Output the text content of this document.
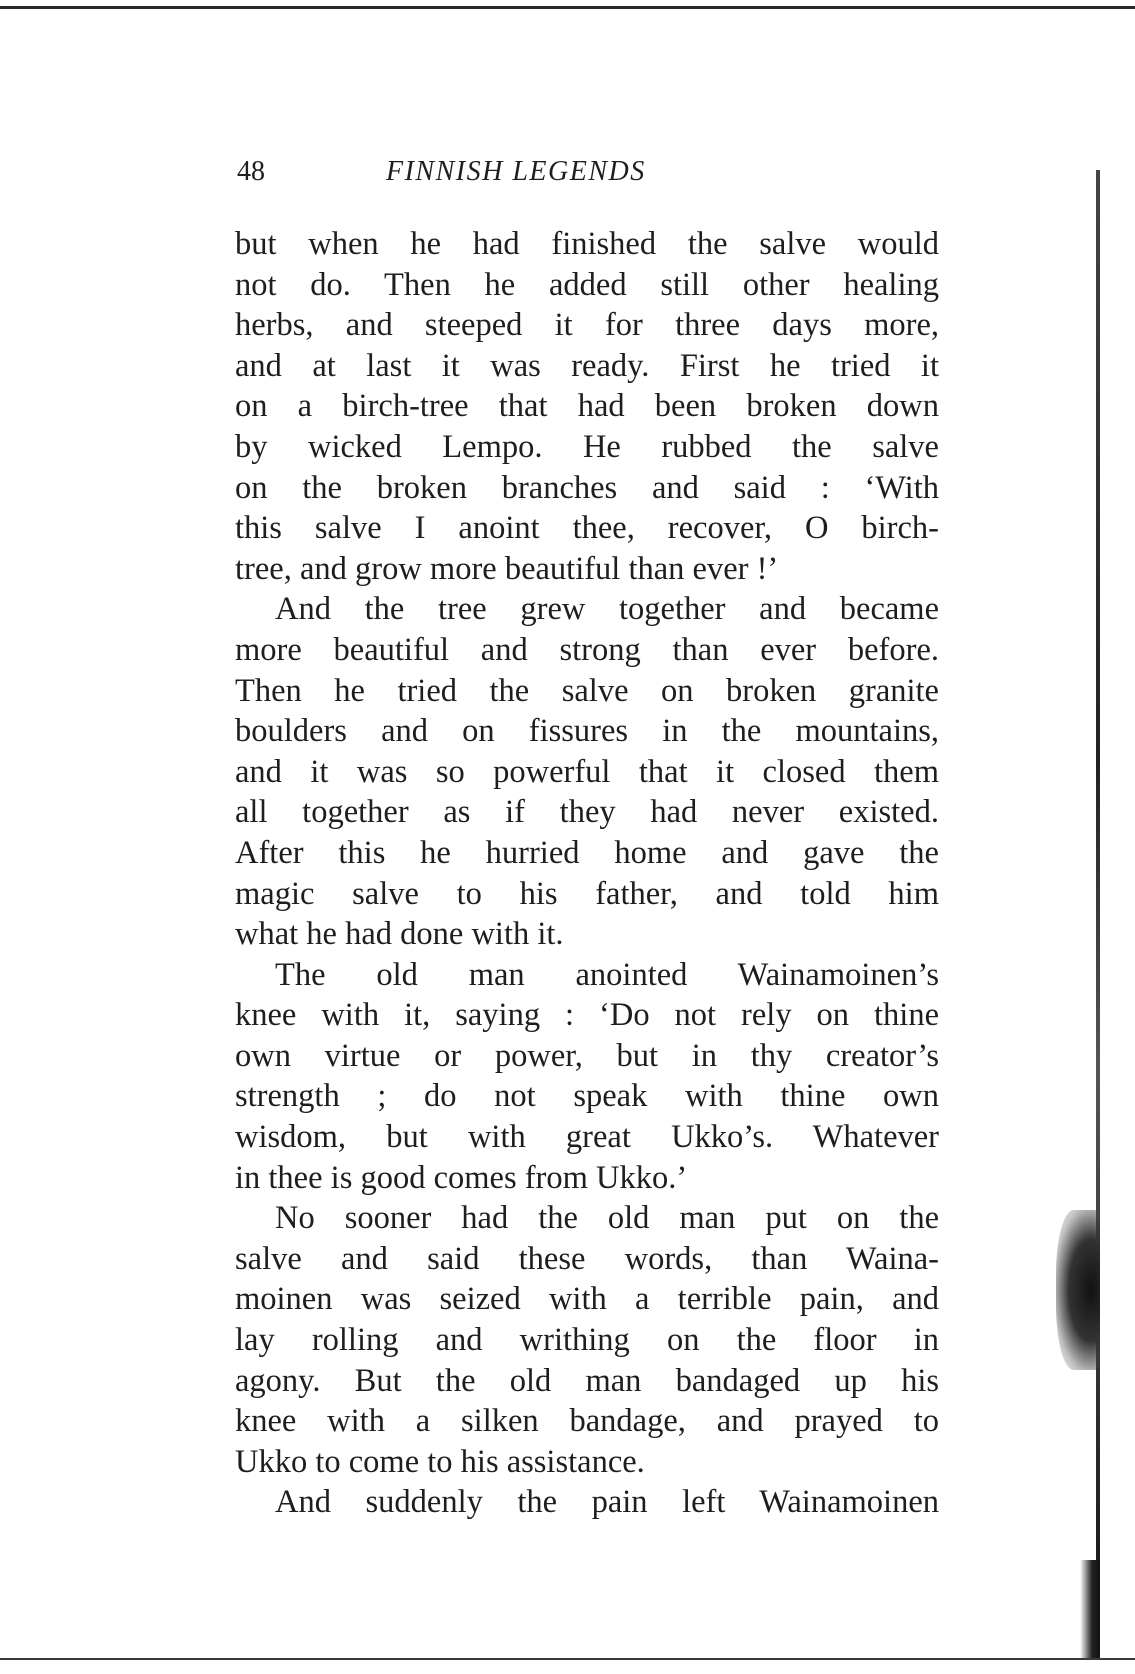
48	FINNISH LEGENDS
but when he had finished the salve would
not do. Then he added still other healing
herbs, and steeped it for three days more,
and at last it was ready. First he tried it
on a birch-tree that had been broken down
by wicked Lempo. He rubbed the salve
on the broken branches and said : ‘With
this salve I anoint thee, recover, O birch-
tree, and grow more beautiful than ever !’
And the tree grew together and became
more beautiful and strong than ever before.
Then he tried the salve on broken granite
boulders and on fissures in the mountains,
and it was so powerful that it closed them
all together as if they had never existed.
After this he hurried home and gave the
magic salve to his father, and told him
what he had done with it.
The old man anointed Wainamoinen’s
knee with it, saying : ‘Do not rely on thine
own virtue or power, but in thy creator’s
strength ; do not speak with thine own
wisdom, but with great Ukko’s. Whatever
in thee is good comes from Ukko.’
No sooner had the old man put on the
salve and said these words, than Waina-
moinen was seized with a terrible pain, and
lay rolling and writhing on the floor in
agony. But the old man bandaged up his
knee with a silken bandage, and prayed to
Ukko to come to his assistance.
And suddenly the pain left Wainamoinen
